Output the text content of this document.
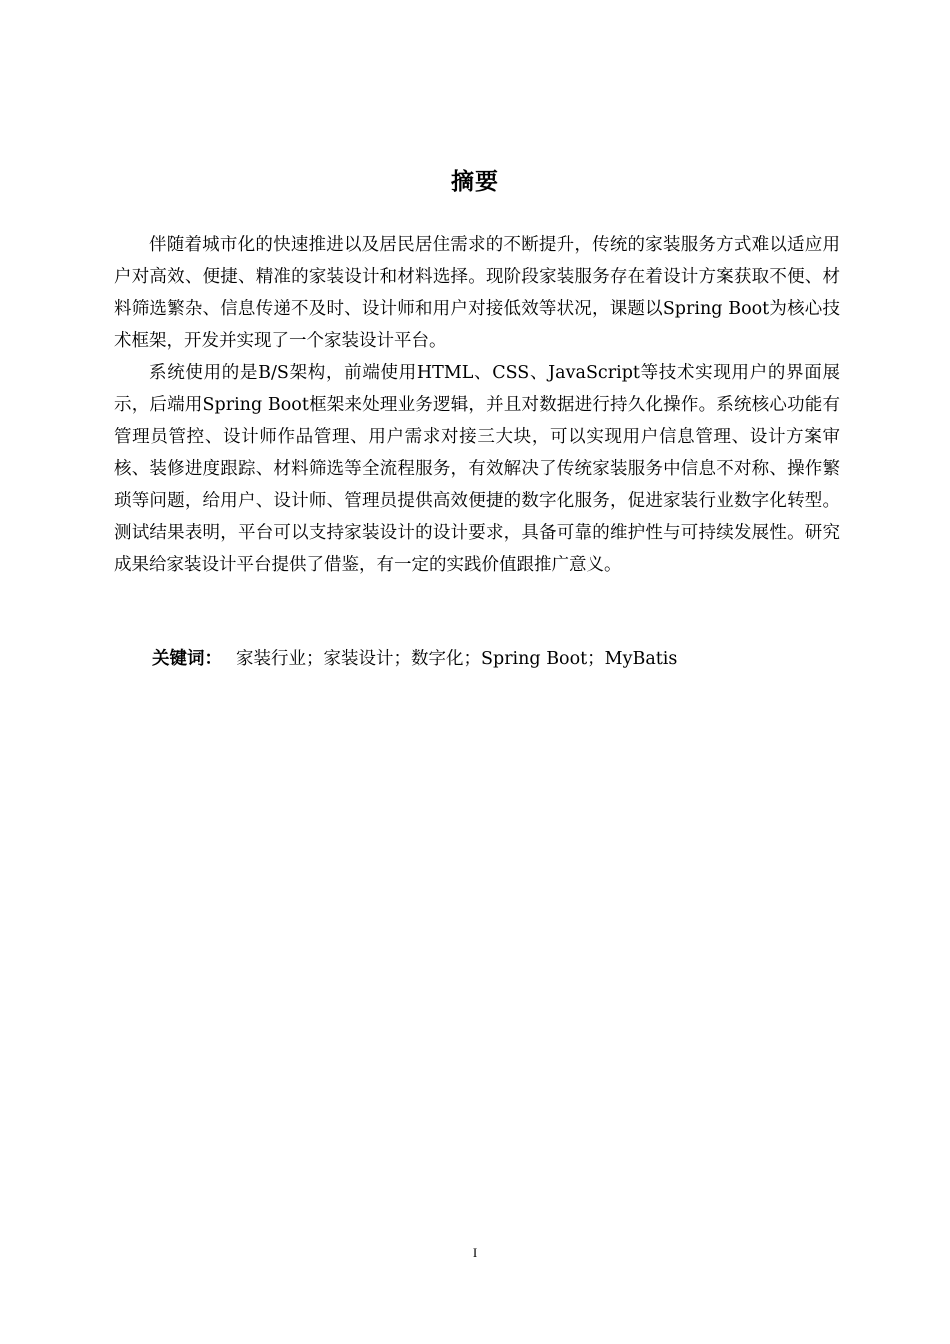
摘要

伴随着城市化的快速推进以及居民居住需求的不断提升，传统的家装服务方式难以适应用户对高效、便捷、精准的家装设计和材料选择。现阶段家装服务存在着设计方案获取不便、材料筛选繁杂、信息传递不及时、设计师和用户对接低效等状况，课题以Spring Boot为核心技术框架，开发并实现了一个家装设计平台。

系统使用的是B/S架构，前端使用HTML、CSS、JavaScript等技术实现用户的界面展示，后端用Spring Boot框架来处理业务逻辑，并且对数据进行持久化操作。系统核心功能有管理员管控、设计师作品管理、用户需求对接三大块，可以实现用户信息管理、设计方案审核、装修进度跟踪、材料筛选等全流程服务，有效解决了传统家装服务中信息不对称、操作繁琐等问题，给用户、设计师、管理员提供高效便捷的数字化服务，促进家装行业数字化转型。测试结果表明，平台可以支持家装设计的设计要求，具备可靠的维护性与可持续发展性。研究成果给家装设计平台提供了借鉴，有一定的实践价值跟推广意义。

关键词： 家装行业；家装设计；数字化；Spring Boot；MyBatis
I
